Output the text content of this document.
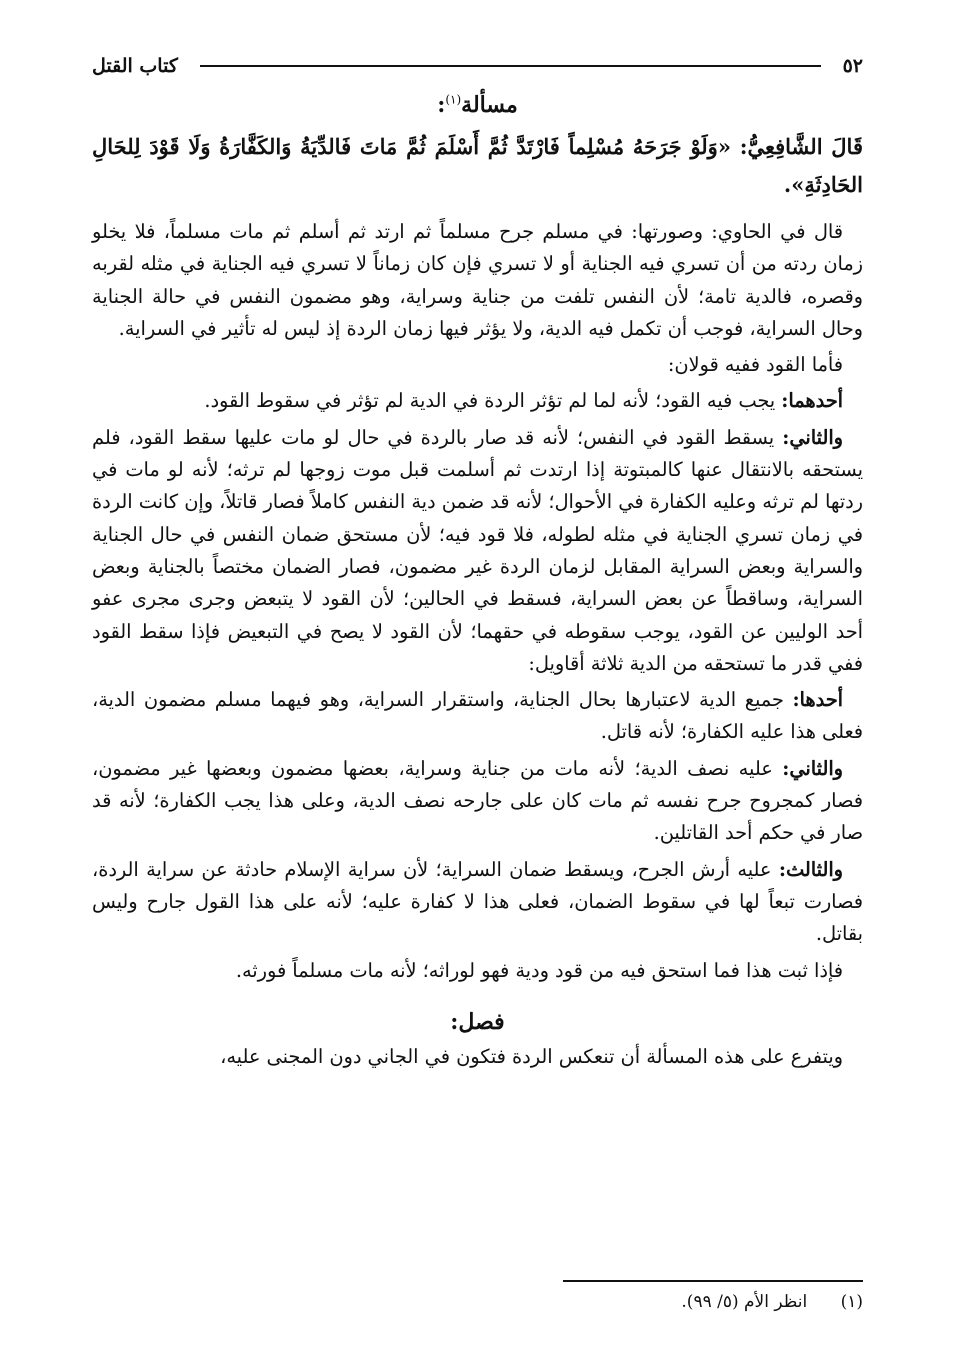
٥٢
كتاب القتل
مسألة$^{(١)}$:

قَالَ الشَّافِعِيُّ: «وَلَوْ جَرَحَهُ مُسْلِماً فَارْتَدَّ ثُمَّ أَسْلَمَ ثُمَّ مَاتَ فَالدِّيَةُ وَالكَفَّارَةُ وَلَا قَوْدَ لِلحَالِ الحَادِثَةِ».

قال في الحاوي: وصورتها: في مسلم جرح مسلماً ثم ارتد ثم أسلم ثم مات مسلماً، فلا يخلو زمان ردته من أن تسري فيه الجناية أو لا تسري فإن كان زماناً لا تسري فيه الجناية في مثله لقربه وقصره، فالدية تامة؛ لأن النفس تلفت من جناية وسراية، وهو مضمون النفس في حالة الجناية وحال السراية، فوجب أن تكمل فيه الدية، ولا يؤثر فيها زمان الردة إذ ليس له تأثير في السراية.

فأما القود ففيه قولان:

أحدهما: يجب فيه القود؛ لأنه لما لم تؤثر الردة في الدية لم تؤثر في سقوط القود.

والثاني: يسقط القود في النفس؛ لأنه قد صار بالردة في حال لو مات عليها سقط القود، فلم يستحقه بالانتقال عنها كالمبتوتة إذا ارتدت ثم أسلمت قبل موت زوجها لم ترثه؛ لأنه لو مات في ردتها لم ترثه وعليه الكفارة في الأحوال؛ لأنه قد ضمن دية النفس كاملاً فصار قاتلاً، وإن كانت الردة في زمان تسري الجناية في مثله لطوله، فلا قود فيه؛ لأن مستحق ضمان النفس في حال الجناية والسراية وبعض السراية المقابل لزمان الردة غير مضمون، فصار الضمان مختصاً بالجناية وبعض السراية، وساقطاً عن بعض السراية، فسقط في الحالين؛ لأن القود لا يتبعض وجرى مجرى عفو أحد الوليين عن القود، يوجب سقوطه في حقهما؛ لأن القود لا يصح في التبعيض فإذا سقط القود ففي قدر ما تستحقه من الدية ثلاثة أقاويل:

أحدها: جميع الدية لاعتبارها بحال الجناية، واستقرار السراية، وهو فيهما مسلم مضمون الدية، فعلى هذا عليه الكفارة؛ لأنه قاتل.

والثاني: عليه نصف الدية؛ لأنه مات من جناية وسراية، بعضها مضمون وبعضها غير مضمون، فصار كمجروح جرح نفسه ثم مات كان على جارحه نصف الدية، وعلى هذا يجب الكفارة؛ لأنه قد صار في حكم أحد القاتلين.

والثالث: عليه أرش الجرح، ويسقط ضمان السراية؛ لأن سراية الإسلام حادثة عن سراية الردة، فصارت تبعاً لها في سقوط الضمان، فعلى هذا لا كفارة عليه؛ لأنه على هذا القول جارح وليس بقاتل.

فإذا ثبت هذا فما استحق فيه من قود ودية فهو لوراثه؛ لأنه مات مسلماً فورثه.

فصل:

ويتفرع على هذه المسألة أن تنعكس الردة فتكون في الجاني دون المجنى عليه،

(١) انظر الأم (٥/ ٩٩).
